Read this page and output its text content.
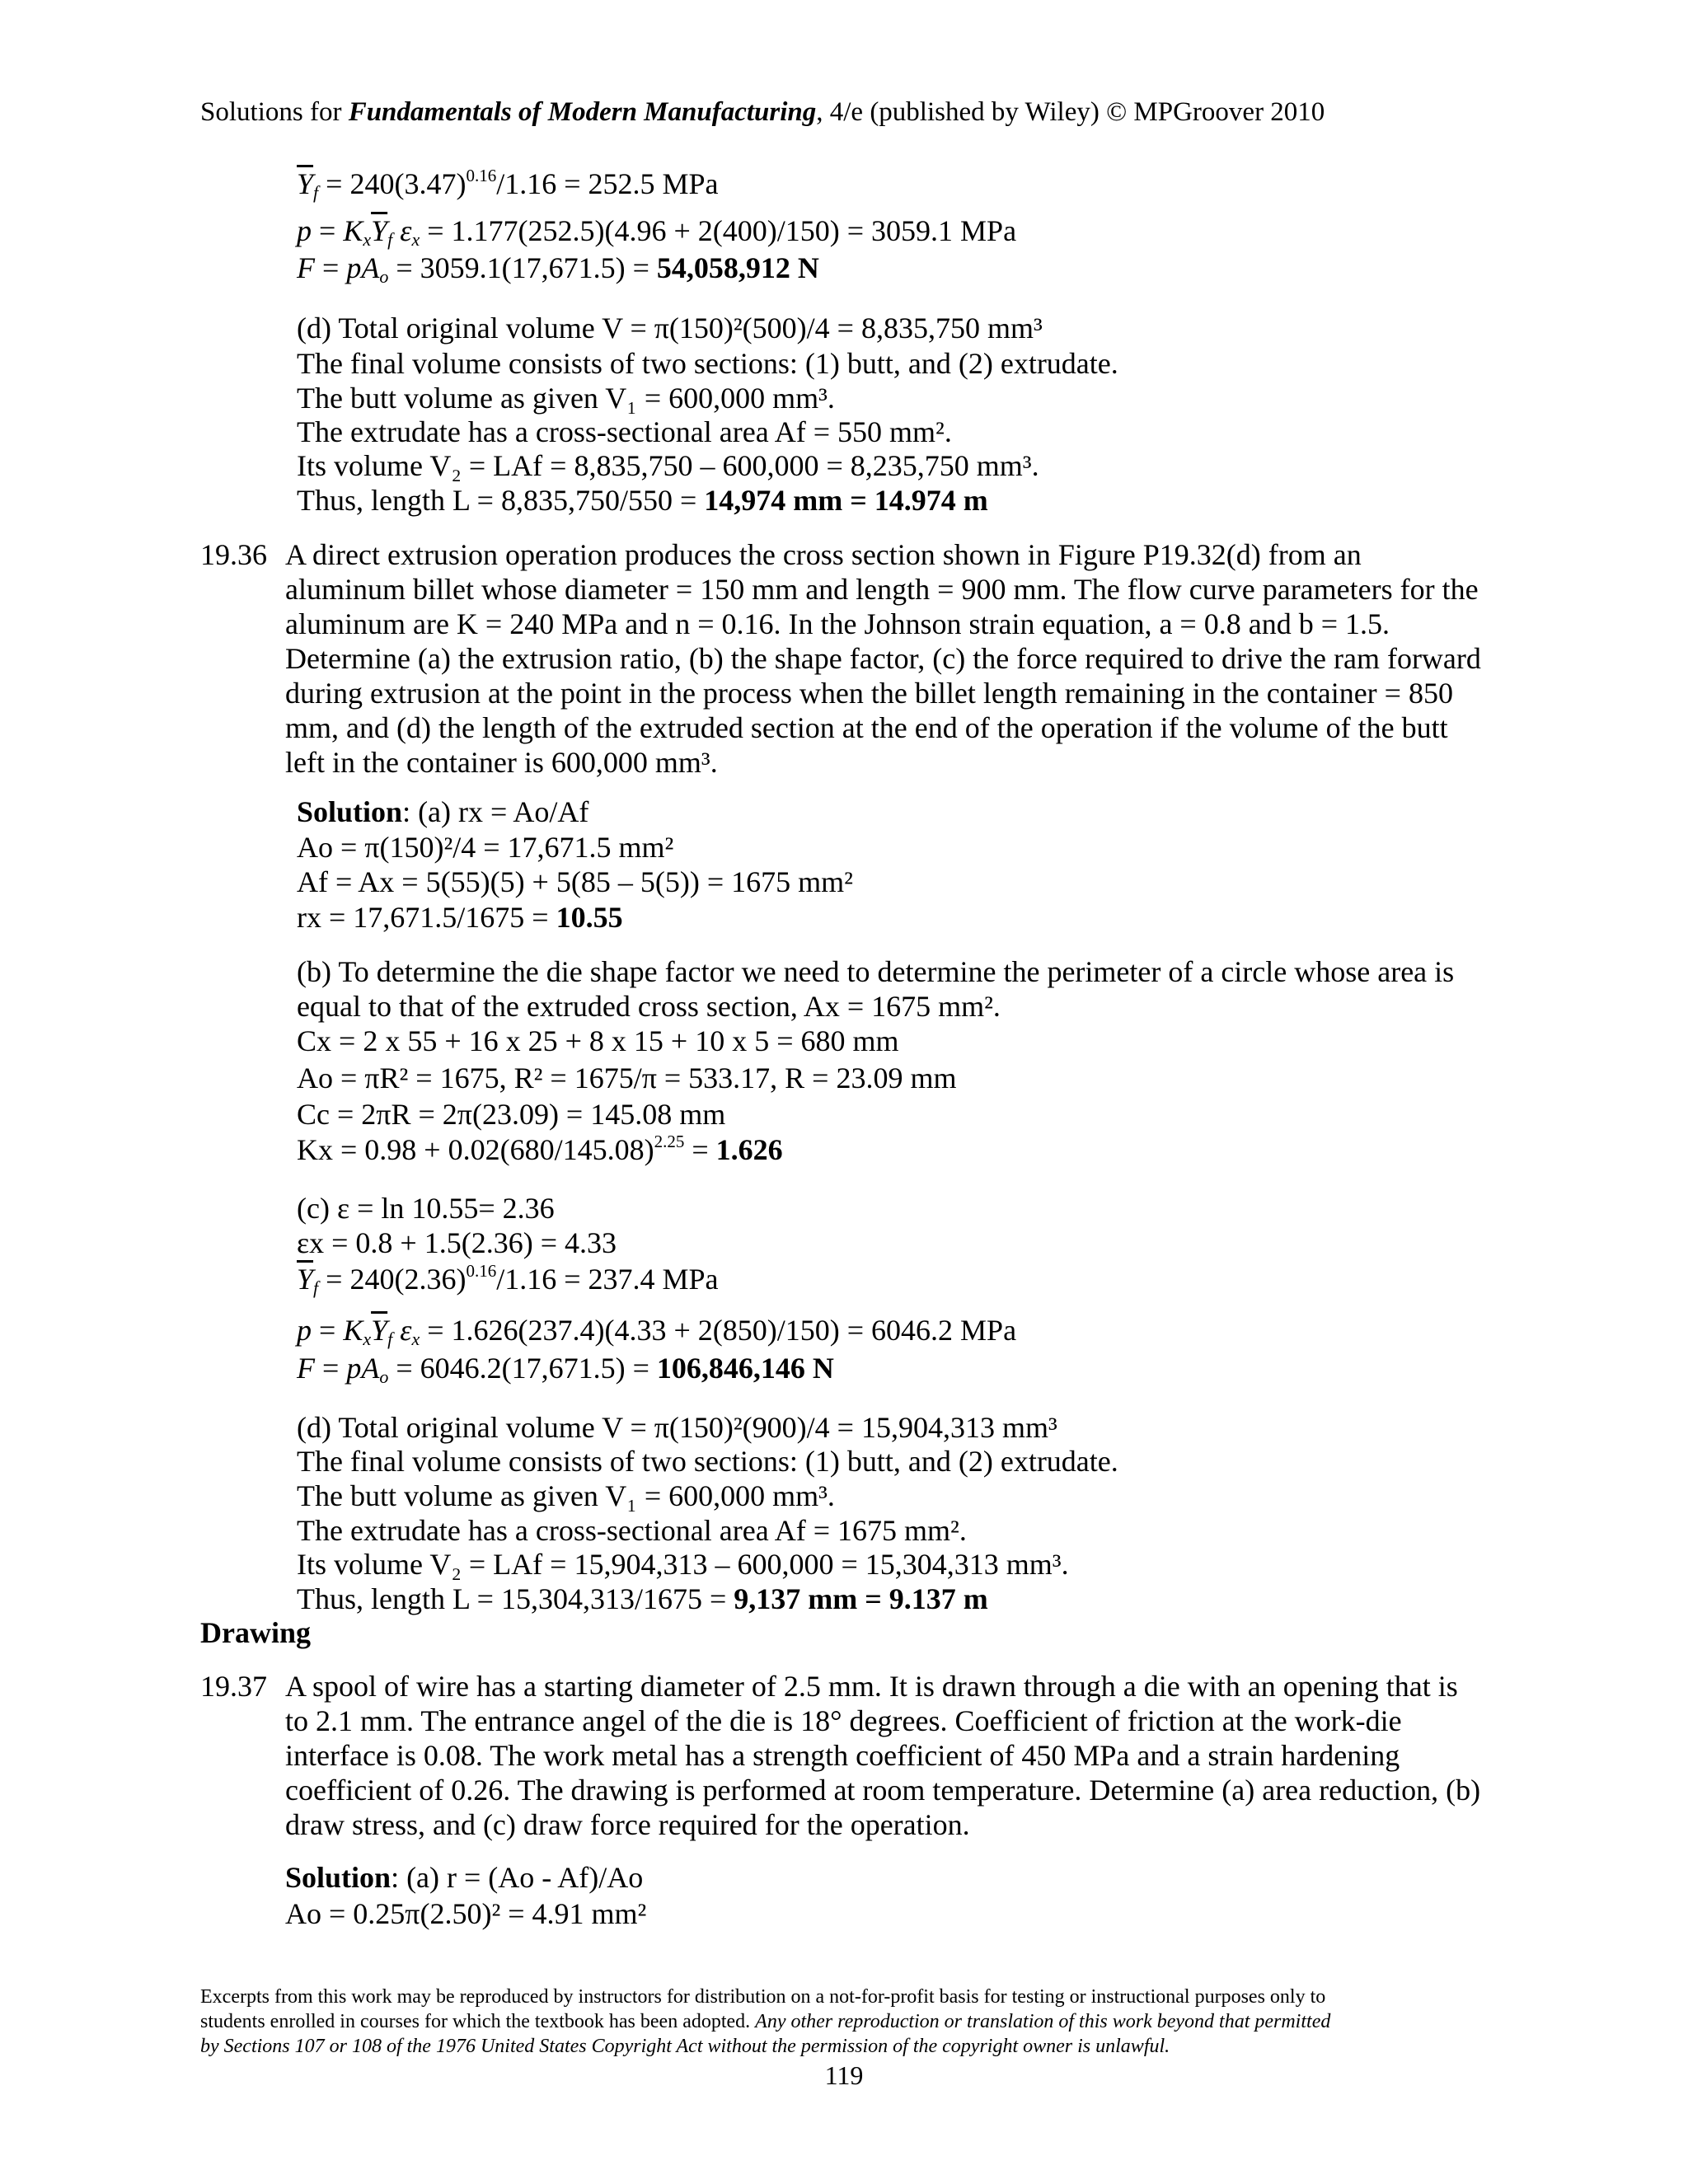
Solutions for Fundamentals of Modern Manufacturing, 4/e (published by Wiley) © MPGroover 2010
$\overline{Y}_f = 240(3.47)^{0.16}/1.16 = 252.5$ MPa
$p = K_x\overline{Y}_f$ $\varepsilon_x = 1.177(252.5)(4.96 + 2(400)/150) = 3059.1$ MPa
$F = pA_o = 3059.1(17,671.5) = 54,058,912$ N
(d) Total original volume V = π(150)²(500)/4 = 8,835,750 mm³
The final volume consists of two sections: (1) butt, and (2) extrudate.
The butt volume as given V₁ = 600,000 mm³.
The extrudate has a cross-sectional area Af = 550 mm².
Its volume V₂ = LAf = 8,835,750 – 600,000 = 8,235,750 mm³.
Thus, length L = 8,835,750/550 = 14,974 mm = 14.974 m
19.36 A direct extrusion operation produces the cross section shown in Figure P19.32(d) from an
aluminum billet whose diameter = 150 mm and length = 900 mm. The flow curve parameters for the
aluminum are K = 240 MPa and n = 0.16. In the Johnson strain equation, a = 0.8 and b = 1.5.
Determine (a) the extrusion ratio, (b) the shape factor, (c) the force required to drive the ram forward
during extrusion at the point in the process when the billet length remaining in the container = 850
mm, and (d) the length of the extruded section at the end of the operation if the volume of the butt
left in the container is 600,000 mm³.
Solution: (a) rx = Ao/Af
Ao = π(150)²/4 = 17,671.5 mm²
Af = Ax = 5(55)(5) + 5(85 – 5(5)) = 1675 mm²
rx = 17,671.5/1675 = 10.55
(b) To determine the die shape factor we need to determine the perimeter of a circle whose area is
equal to that of the extruded cross section, Ax = 1675 mm².
Cx = 2 x 55 + 16 x 25 + 8 x 15 + 10 x 5 = 680 mm
Ao = πR² = 1675, R² = 1675/π = 533.17, R = 23.09 mm
Cc = 2πR = 2π(23.09) = 145.08 mm
$Kx = 0.98 + 0.02(680/145.08)^{2.25} = 1.626$
(c) ε = ln 10.55= 2.36
εx = 0.8 + 1.5(2.36) = 4.33
$\overline{Y}_f = 240(2.36)^{0.16}/1.16 = 237.4$ MPa
$p = K_x\overline{Y}_f$ $\varepsilon_x = 1.626(237.4)(4.33 + 2(850)/150) = 6046.2$ MPa
$F = pA_o = 6046.2(17,671.5) = 106,846,146$ N
(d) Total original volume V = π(150)²(900)/4 = 15,904,313 mm³
The final volume consists of two sections: (1) butt, and (2) extrudate.
The butt volume as given V₁ = 600,000 mm³.
The extrudate has a cross-sectional area Af = 1675 mm².
Its volume V₂ = LAf = 15,904,313 – 600,000 = 15,304,313 mm³.
Thus, length L = 15,304,313/1675 = 9,137 mm = 9.137 m
Drawing
19.37 A spool of wire has a starting diameter of 2.5 mm. It is drawn through a die with an opening that is
to 2.1 mm. The entrance angel of the die is 18° degrees. Coefficient of friction at the work-die
interface is 0.08. The work metal has a strength coefficient of 450 MPa and a strain hardening
coefficient of 0.26. The drawing is performed at room temperature. Determine (a) area reduction, (b)
draw stress, and (c) draw force required for the operation.
Solution: (a) r = (Ao - Af)/Ao
Ao = 0.25π(2.50)² = 4.91 mm²
Excerpts from this work may be reproduced by instructors for distribution on a not-for-profit basis for testing or instructional purposes only to
students enrolled in courses for which the textbook has been adopted. Any other reproduction or translation of this work beyond that permitted
by Sections 107 or 108 of the 1976 United States Copyright Act without the permission of the copyright owner is unlawful.
119
